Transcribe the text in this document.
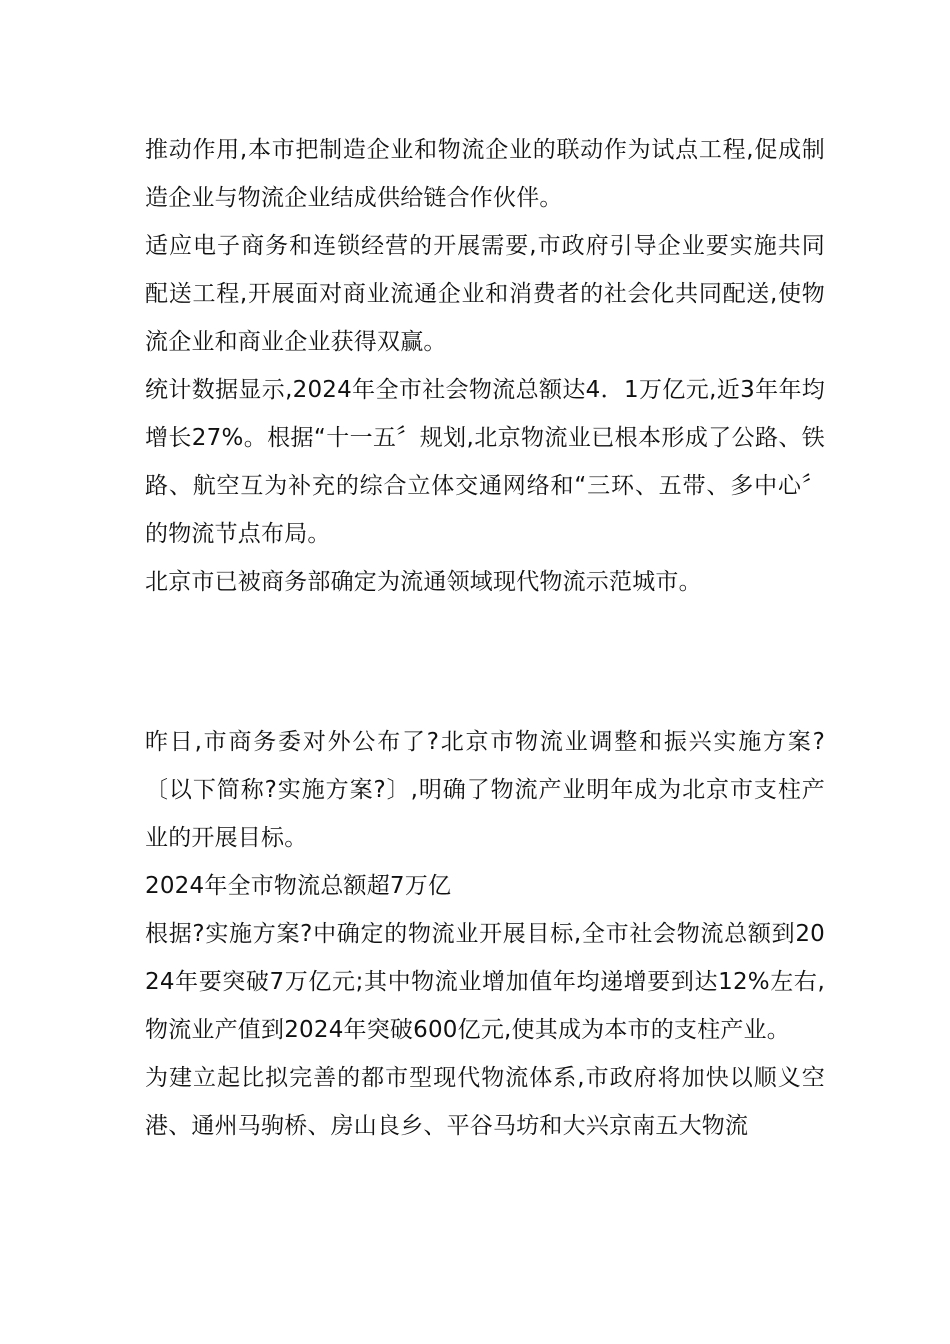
推动作用,本市把制造企业和物流企业的联动作为试点工程,促成制造企业与物流企业结成供给链合作伙伴。

适应电子商务和连锁经营的开展需要,市政府引导企业要实施共同配送工程,开展面对商业流通企业和消费者的社会化共同配送,使物流企业和商业企业获得双赢。

统计数据显示,2024年全市社会物流总额达4．1万亿元,近3年年均增长27%。根据“十一五〞规划,北京物流业已根本形成了公路、铁路、航空互为补充的综合立体交通网络和“三环、五带、多中心〞的物流节点布局。

北京市已被商务部确定为流通领域现代物流示范城市。

昨日,市商务委对外公布了?北京市物流业调整和振兴实施方案?〔以下简称?实施方案?〕,明确了物流产业明年成为北京市支柱产业的开展目标。

2024年全市物流总额超7万亿

根据?实施方案?中确定的物流业开展目标,全市社会物流总额到2024年要突破7万亿元;其中物流业增加值年均递增要到达12%左右,物流业产值到2024年突破600亿元,使其成为本市的支柱产业。

为建立起比拟完善的都市型现代物流体系,市政府将加快以顺义空港、通州马驹桥、房山良乡、平谷马坊和大兴京南五大物流
